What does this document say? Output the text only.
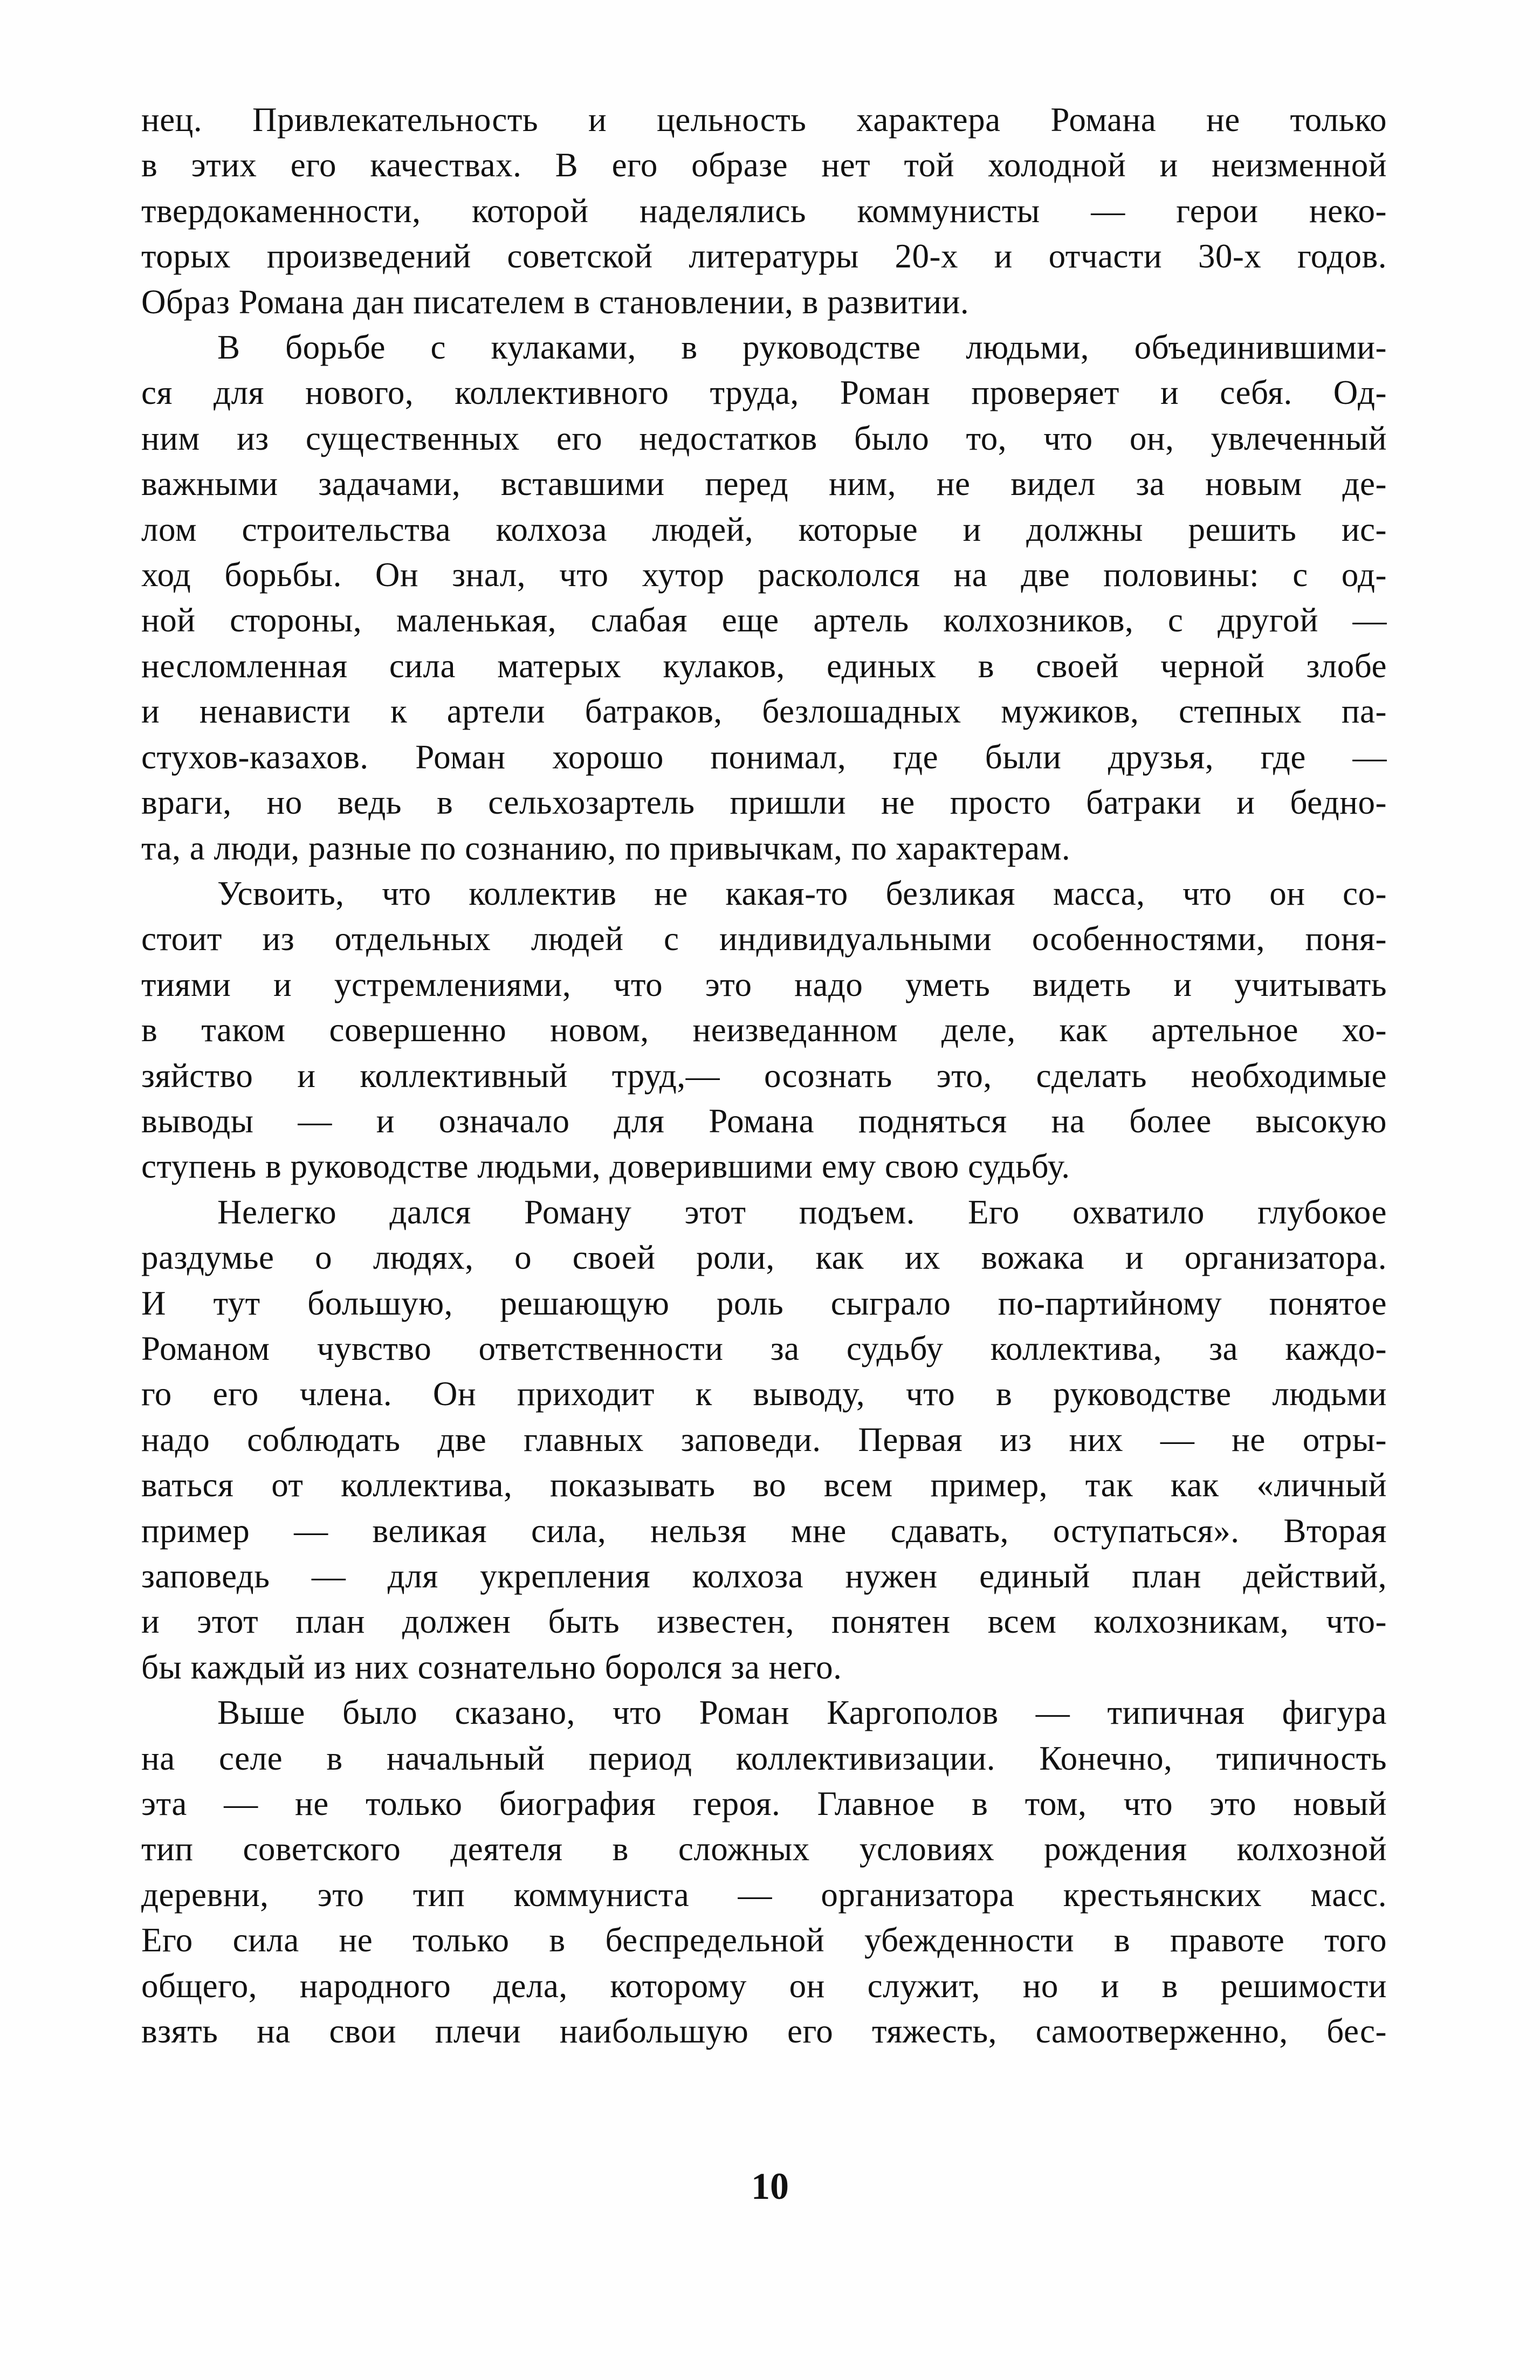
нец. Привлекательность и цельность характера Романа не только
в этих его качествах. В его образе нет той холодной и неизменной
твердокаменности, которой наделялись коммунисты — герои неко-
торых произведений советской литературы 20-х и отчасти 30-х годов.
Образ Романа дан писателем в становлении, в развитии.
В борьбе с кулаками, в руководстве людьми, объединившими-
ся для нового, коллективного труда, Роман проверяет и себя. Од-
ним из существенных его недостатков было то, что он, увлеченный
важными задачами, вставшими перед ним, не видел за новым де-
лом строительства колхоза людей, которые и должны решить ис-
ход борьбы. Он знал, что хутор раскололся на две половины: с од-
ной стороны, маленькая, слабая еще артель колхозников, с другой —
несломленная сила матерых кулаков, единых в своей черной злобе
и ненависти к артели батраков, безлошадных мужиков, степных па-
стухов-казахов. Роман хорошо понимал, где были друзья, где —
враги, но ведь в сельхозартель пришли не просто батраки и бедно-
та, а люди, разные по сознанию, по привычкам, по характерам.
Усвоить, что коллектив не какая-то безликая масса, что он со-
стоит из отдельных людей с индивидуальными особенностями, поня-
тиями и устремлениями, что это надо уметь видеть и учитывать
в таком совершенно новом, неизведанном деле, как артельное хо-
зяйство и коллективный труд,— осознать это, сделать необходимые
выводы — и означало для Романа подняться на более высокую
ступень в руководстве людьми, доверившими ему свою судьбу.
Нелегко дался Роману этот подъем. Его охватило глубокое
раздумье о людях, о своей роли, как их вожака и организатора.
И тут большую, решающую роль сыграло по-партийному понятое
Романом чувство ответственности за судьбу коллектива, за каждо-
го его члена. Он приходит к выводу, что в руководстве людьми
надо соблюдать две главных заповеди. Первая из них — не отры-
ваться от коллектива, показывать во всем пример, так как «личный
пример — великая сила, нельзя мне сдавать, оступаться». Вторая
заповедь — для укрепления колхоза нужен единый план действий,
и этот план должен быть известен, понятен всем колхозникам, что-
бы каждый из них сознательно боролся за него.
Выше было сказано, что Роман Каргополов — типичная фигура
на селе в начальный период коллективизации. Конечно, типичность
эта — не только биография героя. Главное в том, что это новый
тип советского деятеля в сложных условиях рождения колхозной
деревни, это тип коммуниста — организатора крестьянских масс.
Его сила не только в беспредельной убежденности в правоте того
общего, народного дела, которому он служит, но и в решимости
взять на свои плечи наибольшую его тяжесть, самоотверженно, бес-
10
